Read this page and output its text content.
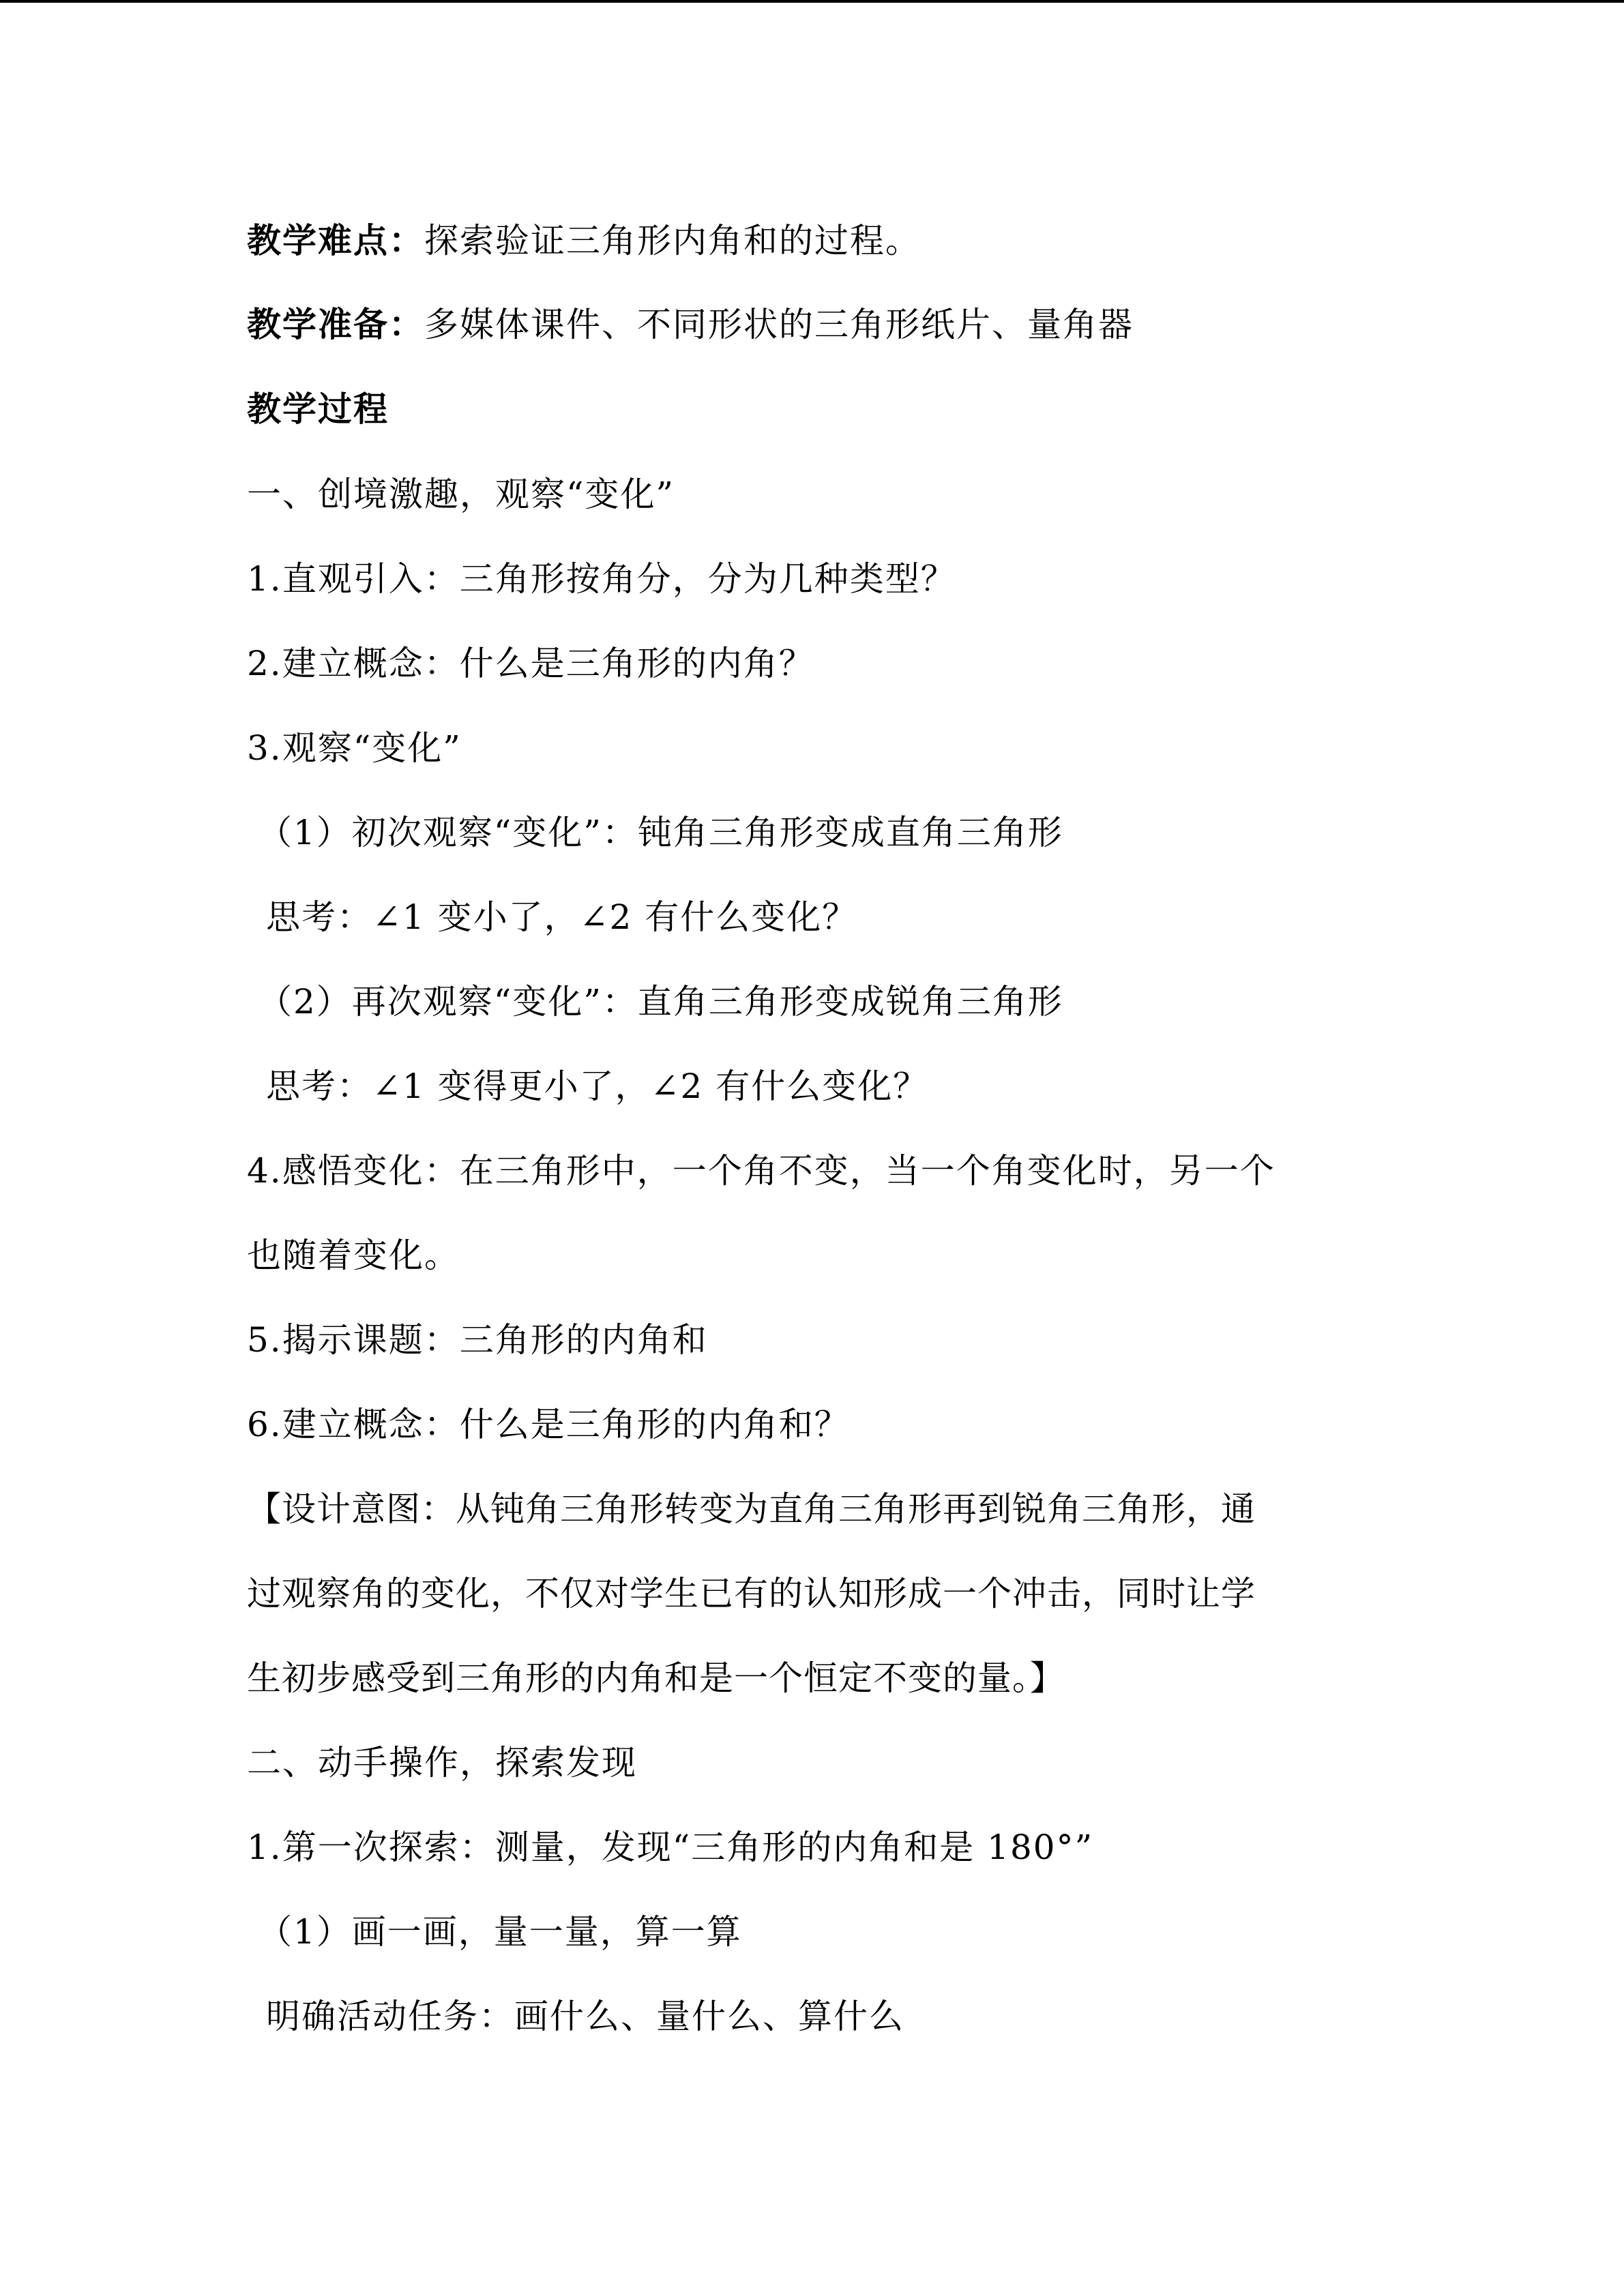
教学难点：探索验证三角形内角和的过程。
教学准备：多媒体课件、不同形状的三角形纸片、量角器
教学过程
一、创境激趣，观察“变化”
1.直观引入：三角形按角分，分为几种类型？
2.建立概念：什么是三角形的内角？
3.观察“变化”
（1）初次观察“变化”：钝角三角形变成直角三角形
思考：∠1 变小了，∠2 有什么变化？
（2）再次观察“变化”：直角三角形变成锐角三角形
思考：∠1 变得更小了，∠2 有什么变化？
4.感悟变化：在三角形中，一个角不变，当一个角变化时，另一个
也随着变化。
5.揭示课题：三角形的内角和
6.建立概念：什么是三角形的内角和？
【设计意图：从钝角三角形转变为直角三角形再到锐角三角形，通
过观察角的变化，不仅对学生已有的认知形成一个冲击，同时让学
生初步感受到三角形的内角和是一个恒定不变的量。】
二、动手操作，探索发现
1.第一次探索：测量，发现“三角形的内角和是 180°”
（1）画一画，量一量，算一算
明确活动任务：画什么、量什么、算什么
